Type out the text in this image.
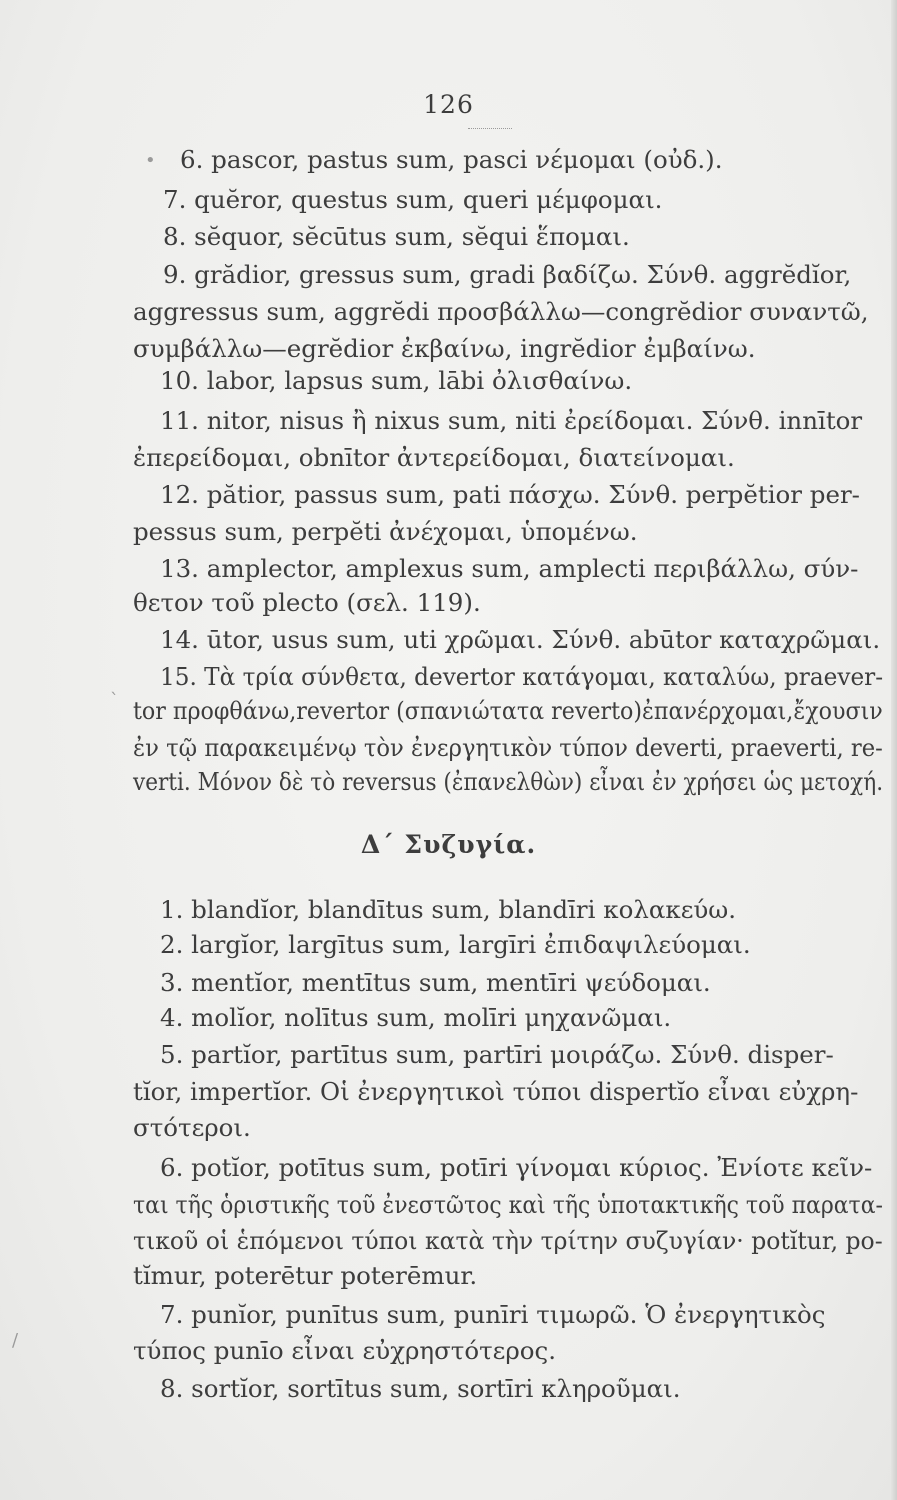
126
6. pascor, pastus sum, pasci νέμομαι (οὐδ.).
7. quĕror, questus sum, queri μέμφομαι.
8. sĕquor, sĕcūtus sum, sĕqui ἕπομαι.
9. grădior, gressus sum, gradi βαδίζω. Σύνθ. aggrĕdĭor,
aggressus sum, aggrĕdi προσβάλλω—congrĕdior συναντῶ,
συμβάλλω—egrĕdior ἐκβαίνω, ingrĕdior ἐμβαίνω.
10. labor, lapsus sum, lābi ὀλισθαίνω.
11. nitor, nisus ἢ nixus sum, niti ἐρείδομαι. Σύνθ. innītor
ἐπερείδομαι, obnītor ἀντερείδομαι, διατείνομαι.
12. pătior, passus sum, pati πάσχω. Σύνθ. perpĕtior per-
pessus sum, perpĕti ἀνέχομαι, ὑπομένω.
13. amplector, amplexus sum, amplecti περιβάλλω, σύν-
θετον τοῦ plecto (σελ. 119).
14. ūtor, usus sum, uti χρῶμαι. Σύνθ. abūtor καταχρῶμαι.
15. Τὰ τρία σύνθετα, devertor κατάγομαι, καταλύω, praever-
tor προφθάνω,revertor (σπανιώτατα reverto)ἐπανέρχομαι,ἔχουσιν
ἐν τῷ παρακειμένῳ τὸν ἐνεργητικὸν τύπον deverti, praeverti, re-
verti. Μόνον δὲ τὸ reversus (ἐπανελθὼν) εἶναι ἐν χρήσει ὡς μετοχή.
Δ΄ Συζυγία.
1. blandĭor, blandītus sum, blandīri κολακεύω.
2. largĭor, largītus sum, largīri ἐπιδαψιλεύομαι.
3. mentĭor, mentītus sum, mentīri ψεύδομαι.
4. molĭor, nolītus sum, molīri μηχανῶμαι.
5. partĭor, partītus sum, partīri μοιράζω. Σύνθ. disper-
tĭor, impertĭor. Οἱ ἐνεργητικοὶ τύποι dispertĭo εἶναι εὐχρη-
στότεροι.
6. potĭor, potītus sum, potīri γίνομαι κύριος. Ἐνίοτε κεῖν-
ται τῆς ὁριστικῆς τοῦ ἐνεστῶτος καὶ τῆς ὑποτακτικῆς τοῦ παρατα-
τικοῦ οἱ ἑπόμενοι τύποι κατὰ τὴν τρίτην συζυγίαν· potĭtur, po-
tĭmur, poterētur poterēmur.
7. punĭor, punītus sum, punīri τιμωρῶ. Ὁ ἐνεργητικὸς
τύπος punīo εἶναι εὐχρηστότερος.
8. sortĭor, sortītus sum, sortīri κληροῦμαι.
•
ˋ
/
